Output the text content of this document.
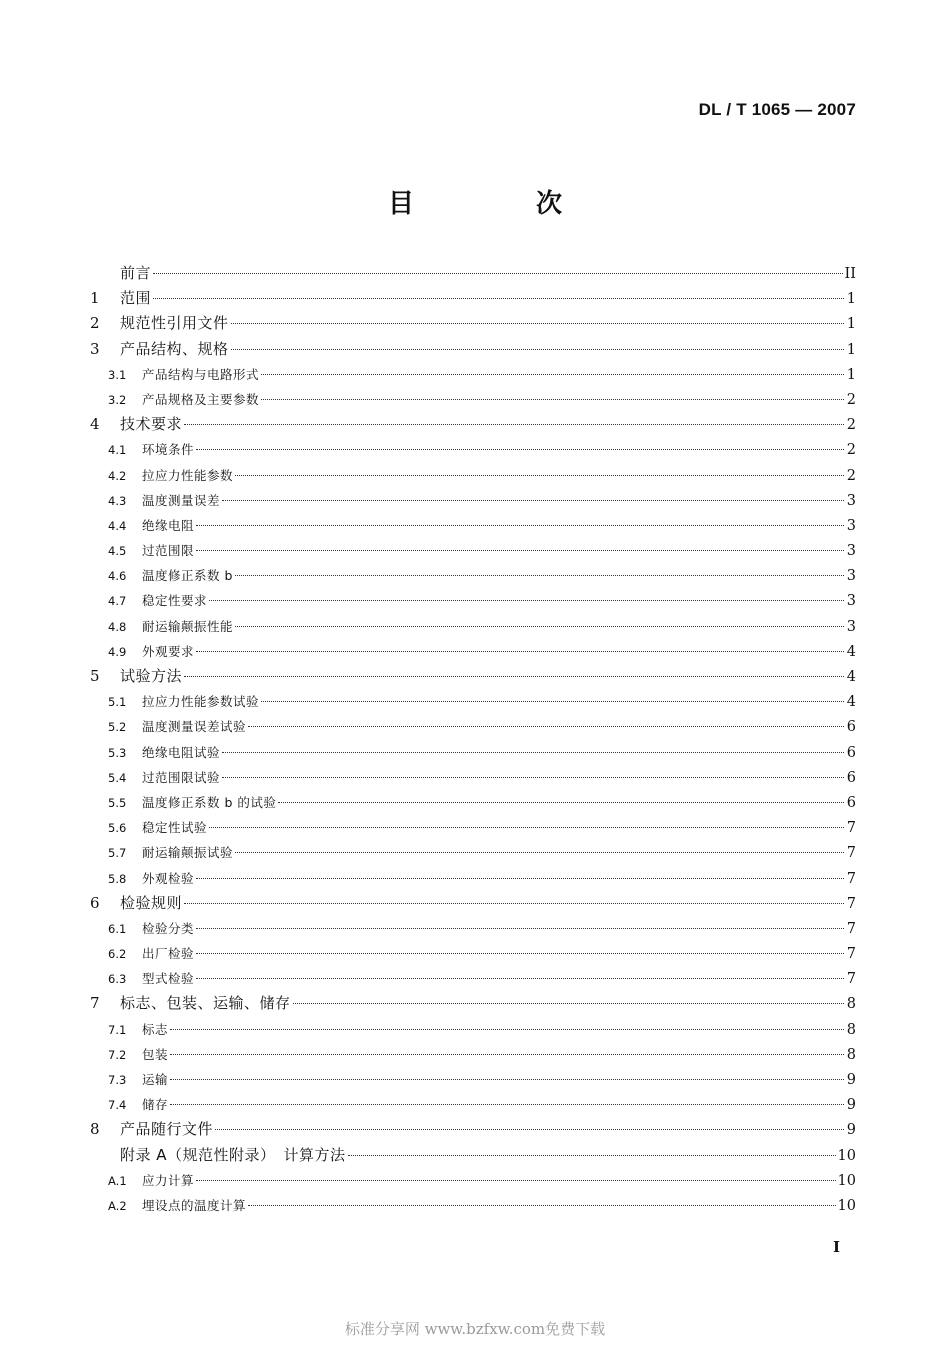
DL / T 1065 — 2007
目　次
前言	II
1	范围	1
2	规范性引用文件	1
3	产品结构、规格	1
3.1	产品结构与电路形式	1
3.2	产品规格及主要参数	2
4	技术要求	2
4.1	环境条件	2
4.2	拉应力性能参数	2
4.3	温度测量误差	3
4.4	绝缘电阻	3
4.5	过范围限	3
4.6	温度修正系数 b	3
4.7	稳定性要求	3
4.8	耐运输颠振性能	3
4.9	外观要求	4
5	试验方法	4
5.1	拉应力性能参数试验	4
5.2	温度测量误差试验	6
5.3	绝缘电阻试验	6
5.4	过范围限试验	6
5.5	温度修正系数 b 的试验	6
5.6	稳定性试验	7
5.7	耐运输颠振试验	7
5.8	外观检验	7
6	检验规则	7
6.1	检验分类	7
6.2	出厂检验	7
6.3	型式检验	7
7	标志、包装、运输、储存	8
7.1	标志	8
7.2	包装	8
7.3	运输	9
7.4	储存	9
8	产品随行文件	9
附录 A（规范性附录）　计算方法	10
A.1	应力计算	10
A.2	埋设点的温度计算	10
I
标准分享网 www.bzfxw.com免费下载
